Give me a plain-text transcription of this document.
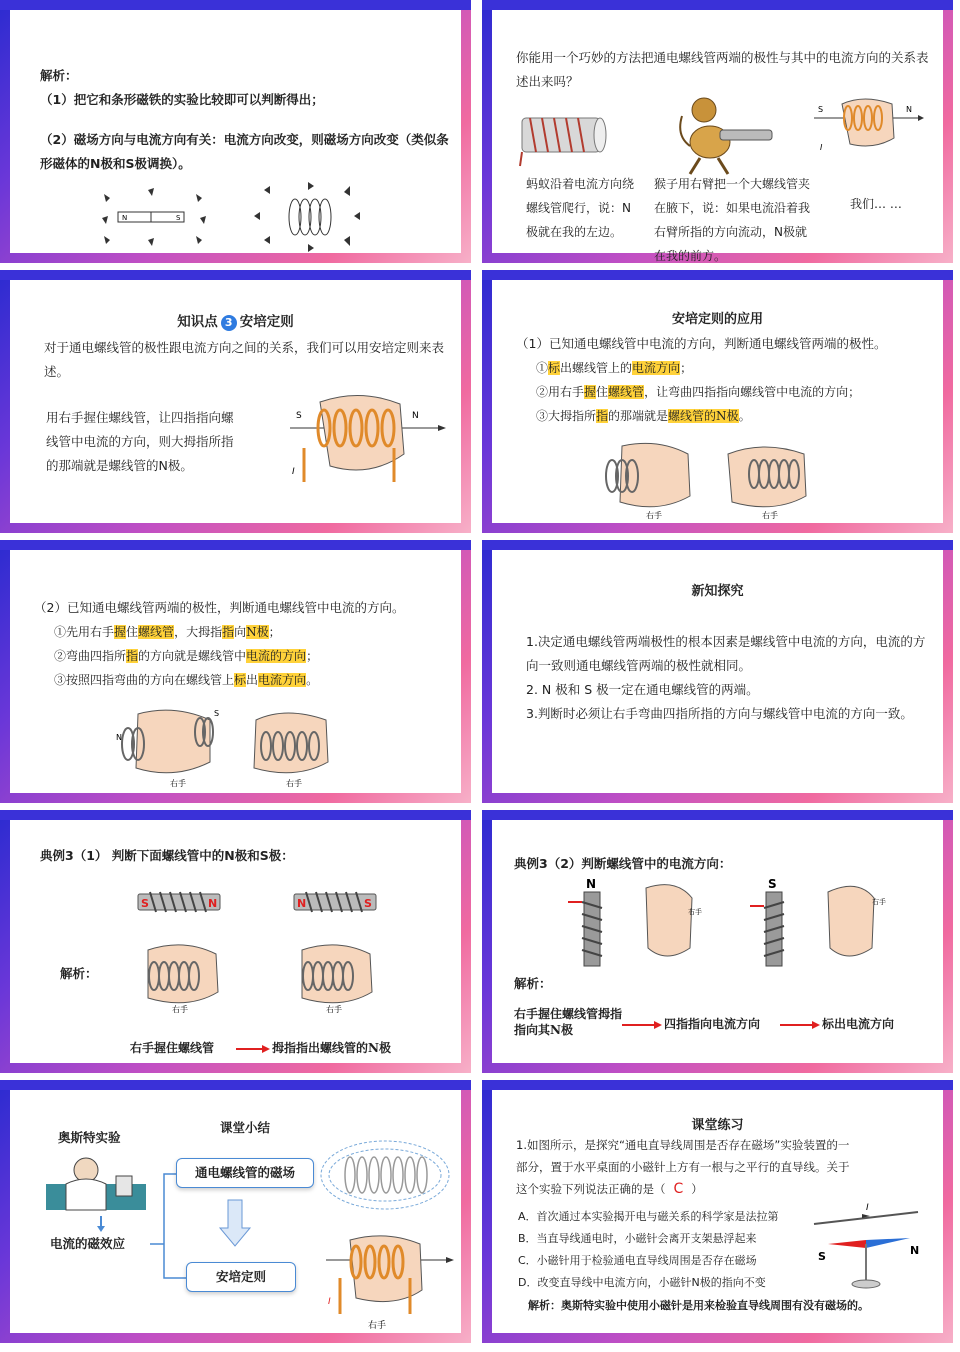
解析：
（1）把它和条形磁铁的实验比较即可以判断得出；
（2）磁场方向与电流方向有关：电流方向改变，则磁场方向改变（类似条形磁体的N极和S极调换）。
N	S
你能用一个巧妙的方法把通电螺线管两端的极性与其中的电流方向的关系表述出来吗？
S	N
I
蚂蚁沿着电流方向绕螺线管爬行，说：N极就在我的左边。
猴子用右臂把一个大螺线管夹在腋下，说：如果电流沿着我右臂所指的方向流动，N极就在我的前方。
我们… …
知识点 3 安培定则
对于通电螺线管的极性跟电流方向之间的关系，我们可以用安培定则来表述。
用右手握住螺线管，让四指指向螺线管中电流的方向，则大拇指所指的那端就是螺线管的N极。
S	N
I
安培定则的应用
（1）已知通电螺线管中电流的方向，判断通电螺线管两端的极性。
①标出螺线管上的电流方向；
②用右手握住螺线管，让弯曲四指指向螺线管中电流的方向；
③大拇指所指的那端就是螺线管的N极。
右手	右手
（2）已知通电螺线管两端的极性，判断通电螺线管中电流的方向。
①先用右手握住螺线管，大拇指指向N极；
②弯曲四指所指的方向就是螺线管中电流的方向；
③按照四指弯曲的方向在螺线管上标出电流方向。
N
S
右手	右手
新知探究
1.决定通电螺线管两端极性的根本因素是螺线管中电流的方向，电流的方向一致则通电螺线管两端的极性就相同。
2. N 极和 S 极一定在通电螺线管的两端。
3.判断时必须让右手弯曲四指所指的方向与螺线管中电流的方向一致。
典例3（1） 判断下面螺线管中的N极和S极：
S	N	N	S
解析：
右手	右手
右手握住螺线管	拇指指出螺线管的N极
典例3（2）判断螺线管中的电流方向：
N
右手
S
右手
解析：
右手握住螺线管拇指指向其N极	四指指向电流方向	标出电流方向
课堂小结
奥斯特实验
电流的磁效应
通电螺线管的磁场
安培定则
I
右手
课堂练习
1.如图所示，是探究“通电直导线周围是否存在磁场”实验装置的一部分，置于水平桌面的小磁针上方有一根与之平行的直导线。关于这个实验下列说法正确的是（ C ）
A．首次通过本实验揭开电与磁关系的科学家是法拉第
B．当直导线通电时，小磁针会离开支架悬浮起来
C．小磁针用于检验通电直导线周围是否存在磁场
D．改变直导线中电流方向，小磁针N极的指向不变
I
S	N
解析：奥斯特实验中使用小磁针是用来检验直导线周围有没有磁场的。
